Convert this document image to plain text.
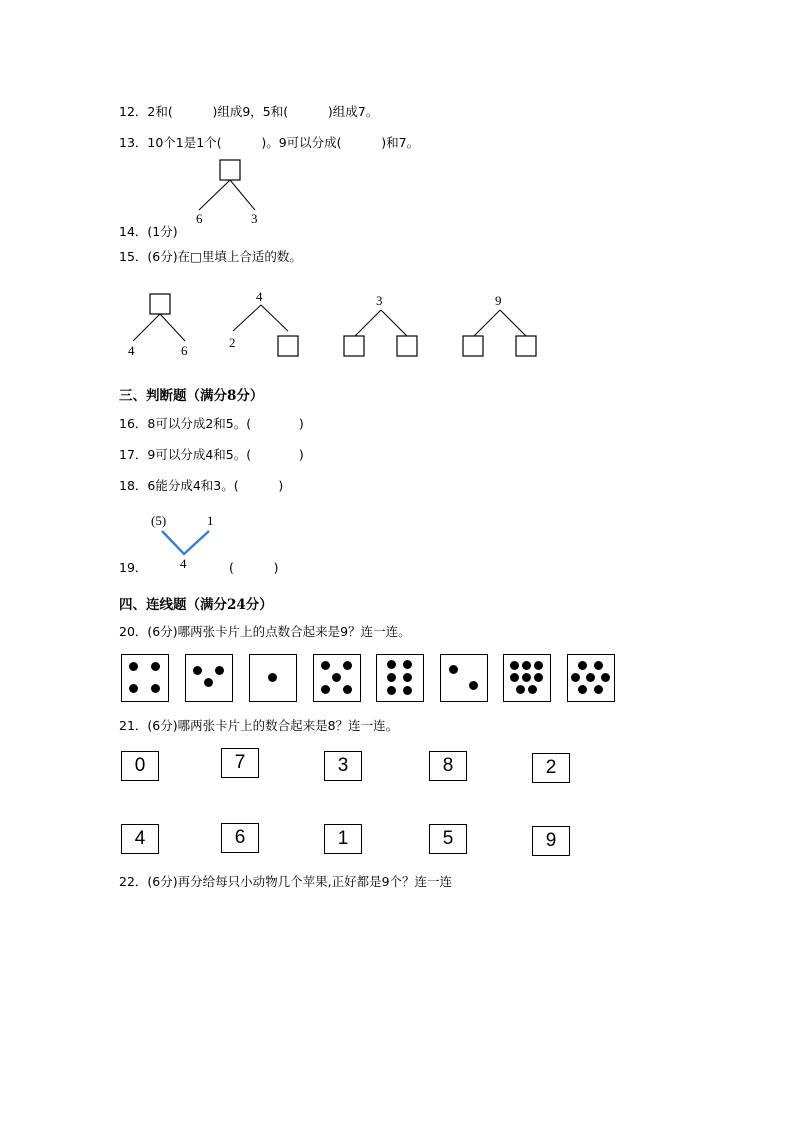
12．2和(          )组成9，5和(          )组成7。
13．10个1是1个(          )。9可以分成(          )和7。
6	3
14．(1分)
15．(6分)在□里填上合适的数。
4	6
4
2
3	9
三、判断题（满分8分）
16．8可以分成2和5。(            )
17．9可以分成4和5。(            )
18．6能分成4和3。(          )
(5)	1
4
19．	(          )
四、连线题（满分24分）
20．(6分)哪两张卡片上的点数合起来是9？连一连。
21．(6分)哪两张卡片上的数合起来是8？连一连。
0	7	3	8	2
4	6	1	5	9
22．(6分)再分给每只小动物几个苹果,正好都是9个？连一连
